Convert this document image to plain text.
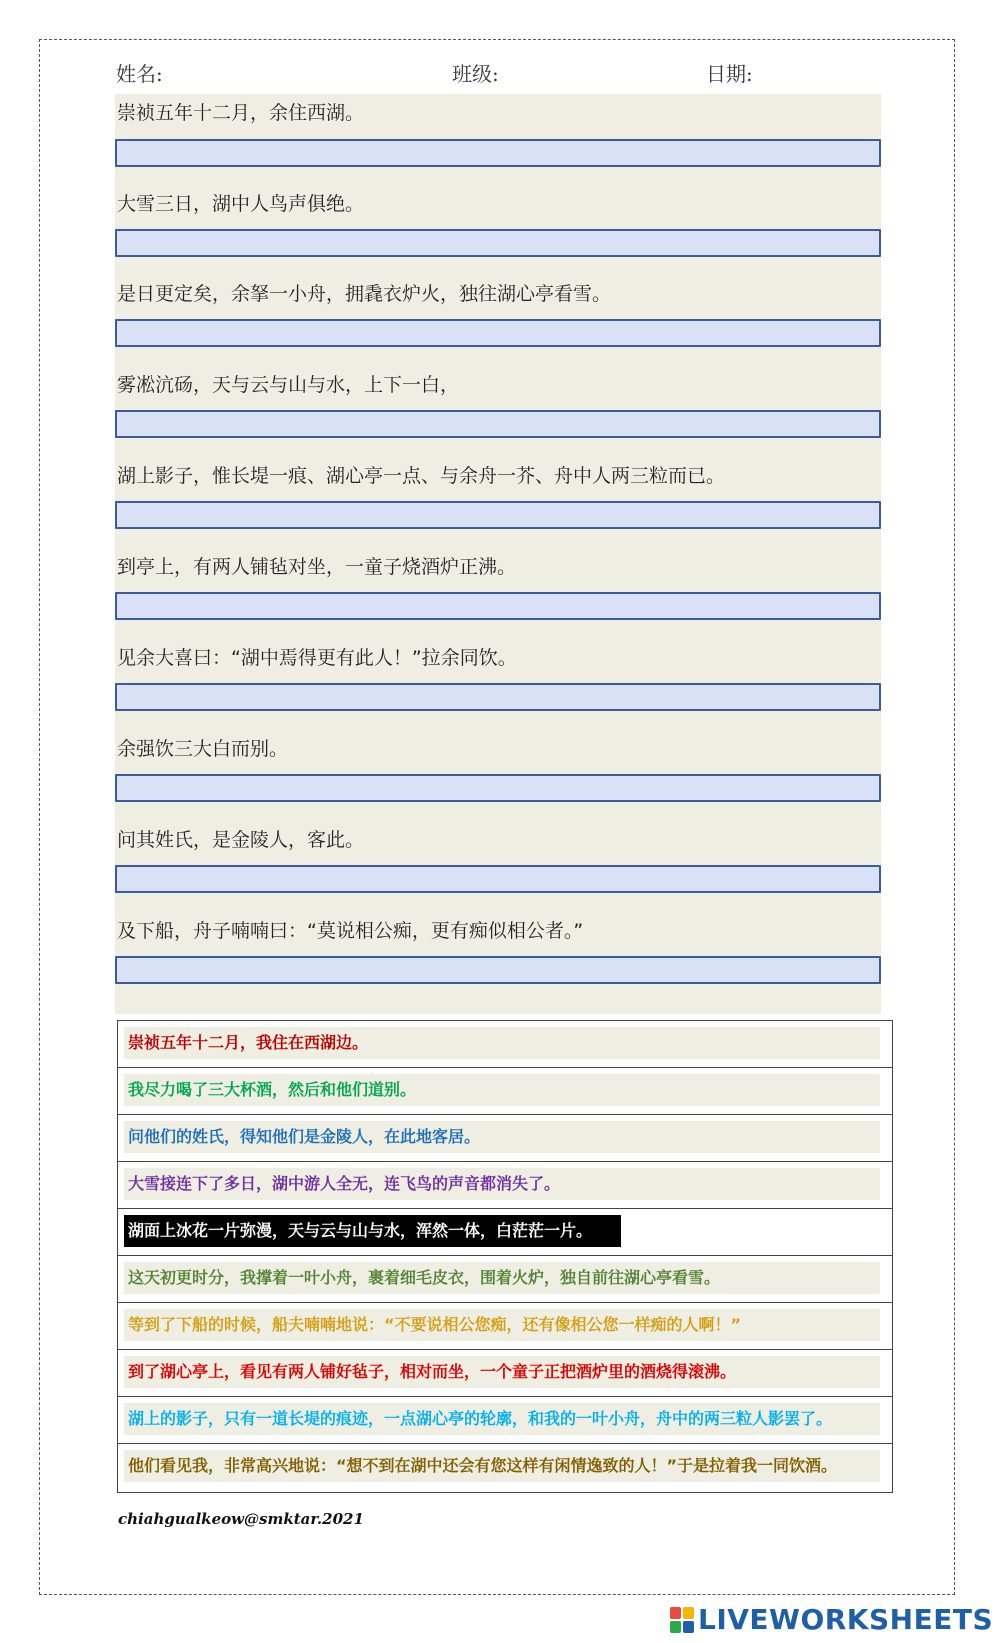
姓名:	班级:	日期:
崇祯五年十二月，余住西湖。
大雪三日，湖中人鸟声俱绝。
是日更定矣，余拏一小舟，拥毳衣炉火，独往湖心亭看雪。
雾凇沆砀，天与云与山与水，上下一白，
湖上影子，惟长堤一痕、湖心亭一点、与余舟一芥、舟中人两三粒而已。
到亭上，有两人铺毡对坐，一童子烧酒炉正沸。
见余大喜曰：“湖中焉得更有此人！”拉余同饮。
余强饮三大白而别。
问其姓氏，是金陵人，客此。
及下船，舟子喃喃曰：“莫说相公痴，更有痴似相公者。”
崇祯五年十二月，我住在西湖边。
我尽力喝了三大杯酒，然后和他们道别。
问他们的姓氏，得知他们是金陵人，在此地客居。
大雪接连下了多日，湖中游人全无，连飞鸟的声音都消失了。
湖面上冰花一片弥漫，天与云与山与水，浑然一体，白茫茫一片。
这天初更时分，我撑着一叶小舟，裹着细毛皮衣，围着火炉，独自前往湖心亭看雪。
等到了下船的时候，船夫喃喃地说：“不要说相公您痴，还有像相公您一样痴的人啊！”
到了湖心亭上，看见有两人铺好毡子，相对而坐，一个童子正把酒炉里的酒烧得滚沸。
湖上的影子，只有一道长堤的痕迹，一点湖心亭的轮廓，和我的一叶小舟，舟中的两三粒人影罢了。
他们看见我，非常高兴地说：“想不到在湖中还会有您这样有闲情逸致的人！”于是拉着我一同饮酒。
chiahgualkeow@smktar.2021
LIVEWORKSHEETS
